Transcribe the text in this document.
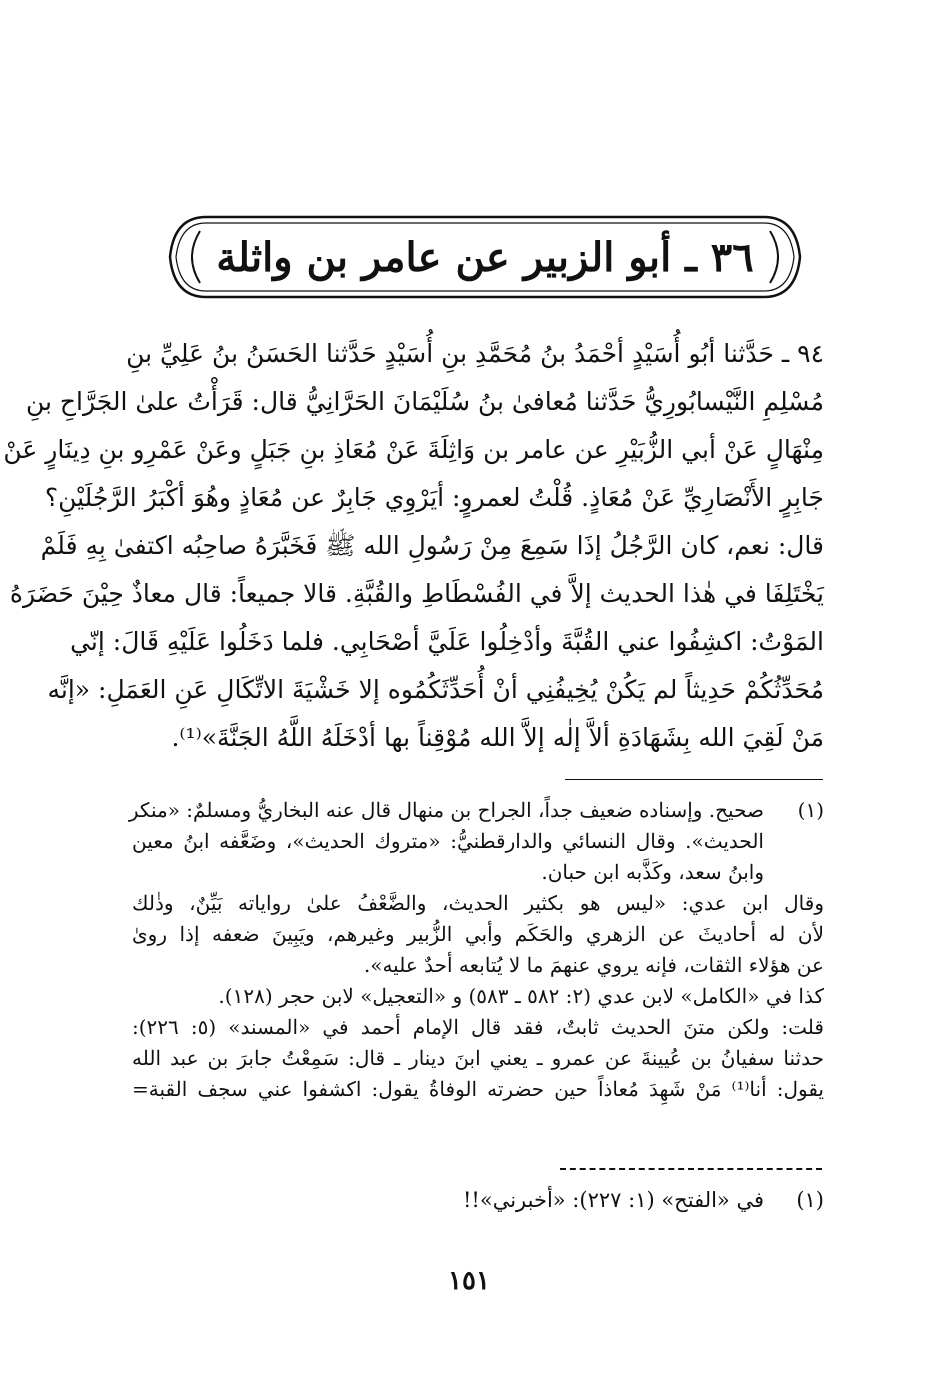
٣٦ ـ أبو الزبير عن عامر بن واثلة
٩٤ ـ حَدَّثنا أبُو أُسَيْدٍ أحْمَدُ بنُ مُحَمَّدِ بنِ أُسَيْدٍ حَدَّثنا الحَسَنُ بنُ عَلِيِّ بنِ
مُسْلِمِ النَّيْسابُورِيُّ حَدَّثنا مُعافىٰ بنُ سُلَيْمَانَ الحَرَّانِيُّ قال: قَرَأْتُ علىٰ الجَرَّاحِ بنِ
مِنْهَالٍ عَنْ أبي الزُّبَيْرِ عن عامر بن وَاثِلَةَ عَنْ مُعَاذِ بنِ جَبَلٍ وعَنْ عَمْرِو بنِ دِينَارٍ عَنْ
جَابِرٍ الأَنْصَارِيِّ عَنْ مُعَاذٍ. قُلْتُ لعمروٍ: أيَرْوِي جَابِرٌ عن مُعَاذٍ وهُوَ أكْبَرُ الرَّجُلَيْنِ؟
قال: نعم، كان الرَّجُلُ إذَا سَمِعَ مِنْ رَسُولِ الله ﷺ فَخَبَّرَهُ صاحِبُه اكتفىٰ بِهِ فَلَمْ
يَخْتَلِفَا في هٰذا الحديث إلاَّ في الفُسْطَاطِ والقُبَّةِ. قالا جميعاً: قال معاذٌ حِيْنَ حَضَرَهُ
المَوْتُ: اكشِفُوا عني القُبَّةَ وأدْخِلُوا عَلَيَّ أصْحَابِي. فلما دَخَلُوا عَلَيْهِ قَالَ: إنّي
مُحَدِّثُكُمْ حَدِيثاً لم يَكُنْ يُخِيفُنِي أنْ أُحَدِّثَكُمُوه إلا خَشْيَةَ الاتِّكَالِ عَنِ العَمَلِ: «إنَّه
مَنْ لَقِيَ الله بِشَهَادَةِ ألاَّ إلٰه إلاَّ الله مُوْقِناً بها أدْخَلَهُ اللَّهُ الجَنَّةَ»⁽¹⁾.
(١)
صحيح. وإسناده ضعيف جداً، الجراح بن منهال قال عنه البخاريُّ ومسلمٌ: «منكر
الحديث». وقال النسائي والدارقطنيُّ: «متروك الحديث»، وضَعَّفه ابنُ معين
وابنُ سعد، وكَذَّبه ابن حبان.
وقال ابن عدي: «ليس هو بكثير الحديث، والضَّعْفُ علىٰ رواياته بَيِّنٌ، وذٰلك
لأن له أحاديثَ عن الزهري والحَكَم وأبي الزُّبير وغيرهم، ويَبِينَ ضعفه إذا روىٰ
عن هؤلاء الثقات، فإنه يروي عنهمَ ما لا يُتابعه أحدٌ عليه».
كذا في «الكامل» لابن عدي (٢: ٥٨٢ ـ ٥٨٣) و «التعجيل» لابن حجر (١٢٨).
قلت: ولكن متنَ الحديث ثابتٌ، فقد قال الإمام أحمد في «المسند» (٥: ٢٢٦):
حدثنا سفيانُ بن عُيينةَ عن عمرو ـ يعني ابنَ دينار ـ قال: سَمِعْتُ جابرَ بن عبد الله
يقول: أنا⁽¹⁾ مَنْ شَهِدَ مُعاذاً حين حضرته الوفاةُ يقول: اكشفوا عني سجف القبة=
(١)
في «الفتح» (١: ٢٢٧): «أخبرني»!!
١٥١
